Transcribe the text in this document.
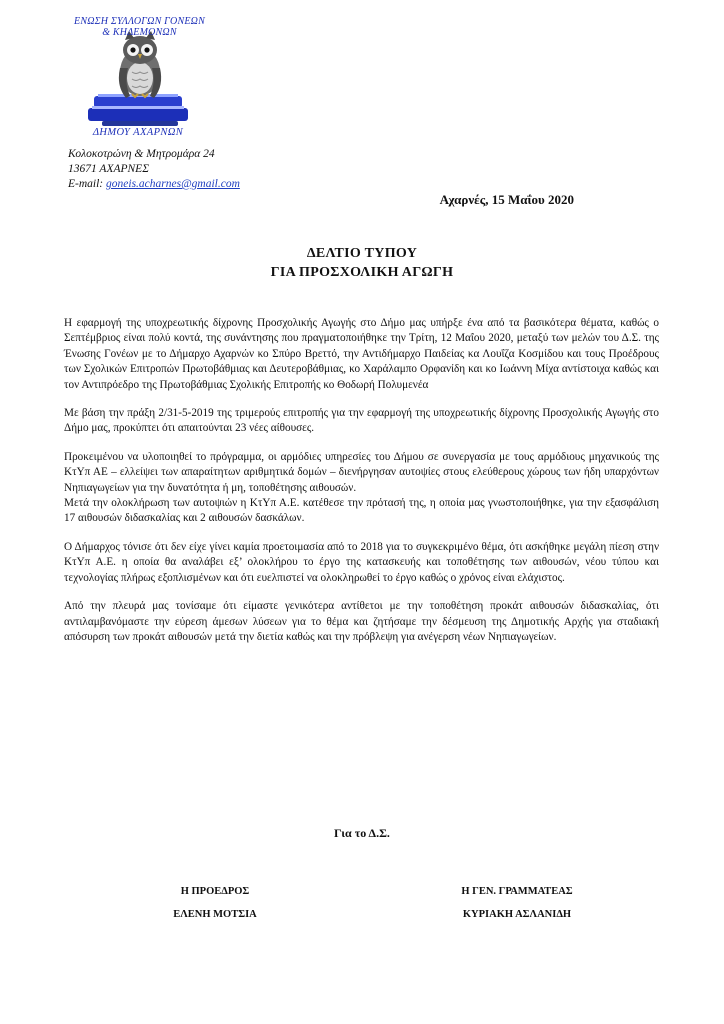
ΕΝΩΣΗ ΣΥΛΛΟΓΩΝ ΓΟΝΕΩΝ & ΚΗΔΕΜΟΝΩΝ
ΔΗΜΟΥ ΑΧΑΡΝΩΝ
Κολοκοτρώνη & Μητρομάρα 24
13671 ΑΧΑΡΝΕΣ
E-mail: goneis.acharnes@gmail.com
Αχαρνές, 15 Μαΐου 2020
ΔΕΛΤΙΟ ΤΥΠΟΥ
ΓΙΑ ΠΡΟΣΧΟΛΙΚΗ ΑΓΩΓΗ

Η εφαρμογή της υποχρεωτικής δίχρονης Προσχολικής Αγωγής στο Δήμο μας υπήρξε ένα από τα βασικότερα θέματα, καθώς ο Σεπτέμβριος είναι πολύ κοντά, της συνάντησης που πραγματοποιήθηκε την Τρίτη, 12 Μαΐου 2020, μεταξύ των μελών του Δ.Σ. της Ένωσης Γονέων με το Δήμαρχο Αχαρνών κο Σπύρο Βρεττό, την Αντιδήμαρχο Παιδείας κα Λουΐζα Κοσμίδου και τους Προέδρους των Σχολικών Επιτροπών Πρωτοβάθμιας και Δευτεροβάθμιας, κο Χαράλαμπο Ορφανίδη και κο Ιωάννη Μίχα αντίστοιχα καθώς και τον Αντιπρόεδρο της Πρωτοβάθμιας Σχολικής Επιτροπής κο Θοδωρή Πολυμενέα

Με βάση την πράξη 2/31-5-2019 της τριμερούς επιτροπής για την εφαρμογή της υποχρεωτικής δίχρονης Προσχολικής Αγωγής στο Δήμο μας, προκύπτει ότι απαιτούνται 23 νέες αίθουσες.

Προκειμένου να υλοποιηθεί το πρόγραμμα, οι αρμόδιες υπηρεσίες του Δήμου σε συνεργασία με τους αρμόδιους μηχανικούς της ΚτΥπ ΑΕ – ελλείψει των απαραίτητων αριθμητικά δομών – διενήργησαν αυτοψίες στους ελεύθερους χώρους των ήδη υπαρχόντων Νηπιαγωγείων για την δυνατότητα ή μη, τοποθέτησης αιθουσών.

Μετά την ολοκλήρωση των αυτοψιών η ΚτΥπ Α.Ε. κατέθεσε την πρότασή της, η οποία μας γνωστοποιήθηκε, για την εξασφάλιση 17 αιθουσών διδασκαλίας και 2 αιθουσών δασκάλων.

Ο Δήμαρχος τόνισε ότι δεν είχε γίνει καμία προετοιμασία από το 2018 για το συγκεκριμένο θέμα, ότι ασκήθηκε μεγάλη πίεση στην ΚτΥπ Α.Ε. η οποία θα αναλάβει εξ’ ολοκλήρου το έργο της κατασκευής και τοποθέτησης των αιθουσών, νέου τύπου και τεχνολογίας πλήρως εξοπλισμένων και ότι ευελπιστεί να ολοκληρωθεί το έργο καθώς ο χρόνος είναι ελάχιστος.

Από την πλευρά μας τονίσαμε ότι είμαστε γενικότερα αντίθετοι με την τοποθέτηση προκάτ αιθουσών διδασκαλίας, ότι αντιλαμβανόμαστε την εύρεση άμεσων λύσεων για το θέμα και ζητήσαμε την δέσμευση της Δημοτικής Αρχής για σταδιακή απόσυρση των προκάτ αιθουσών μετά την διετία καθώς και την πρόβλεψη για ανέγερση νέων Νηπιαγωγείων.

Για το Δ.Σ.
Η ΠΡΟΕΔΡΟΣ
ΕΛΕΝΗ ΜΟΤΣΙΑ
Η ΓΕΝ. ΓΡΑΜΜΑΤΕΑΣ
ΚΥΡΙΑΚΗ ΑΣΛΑΝΙΔΗ
